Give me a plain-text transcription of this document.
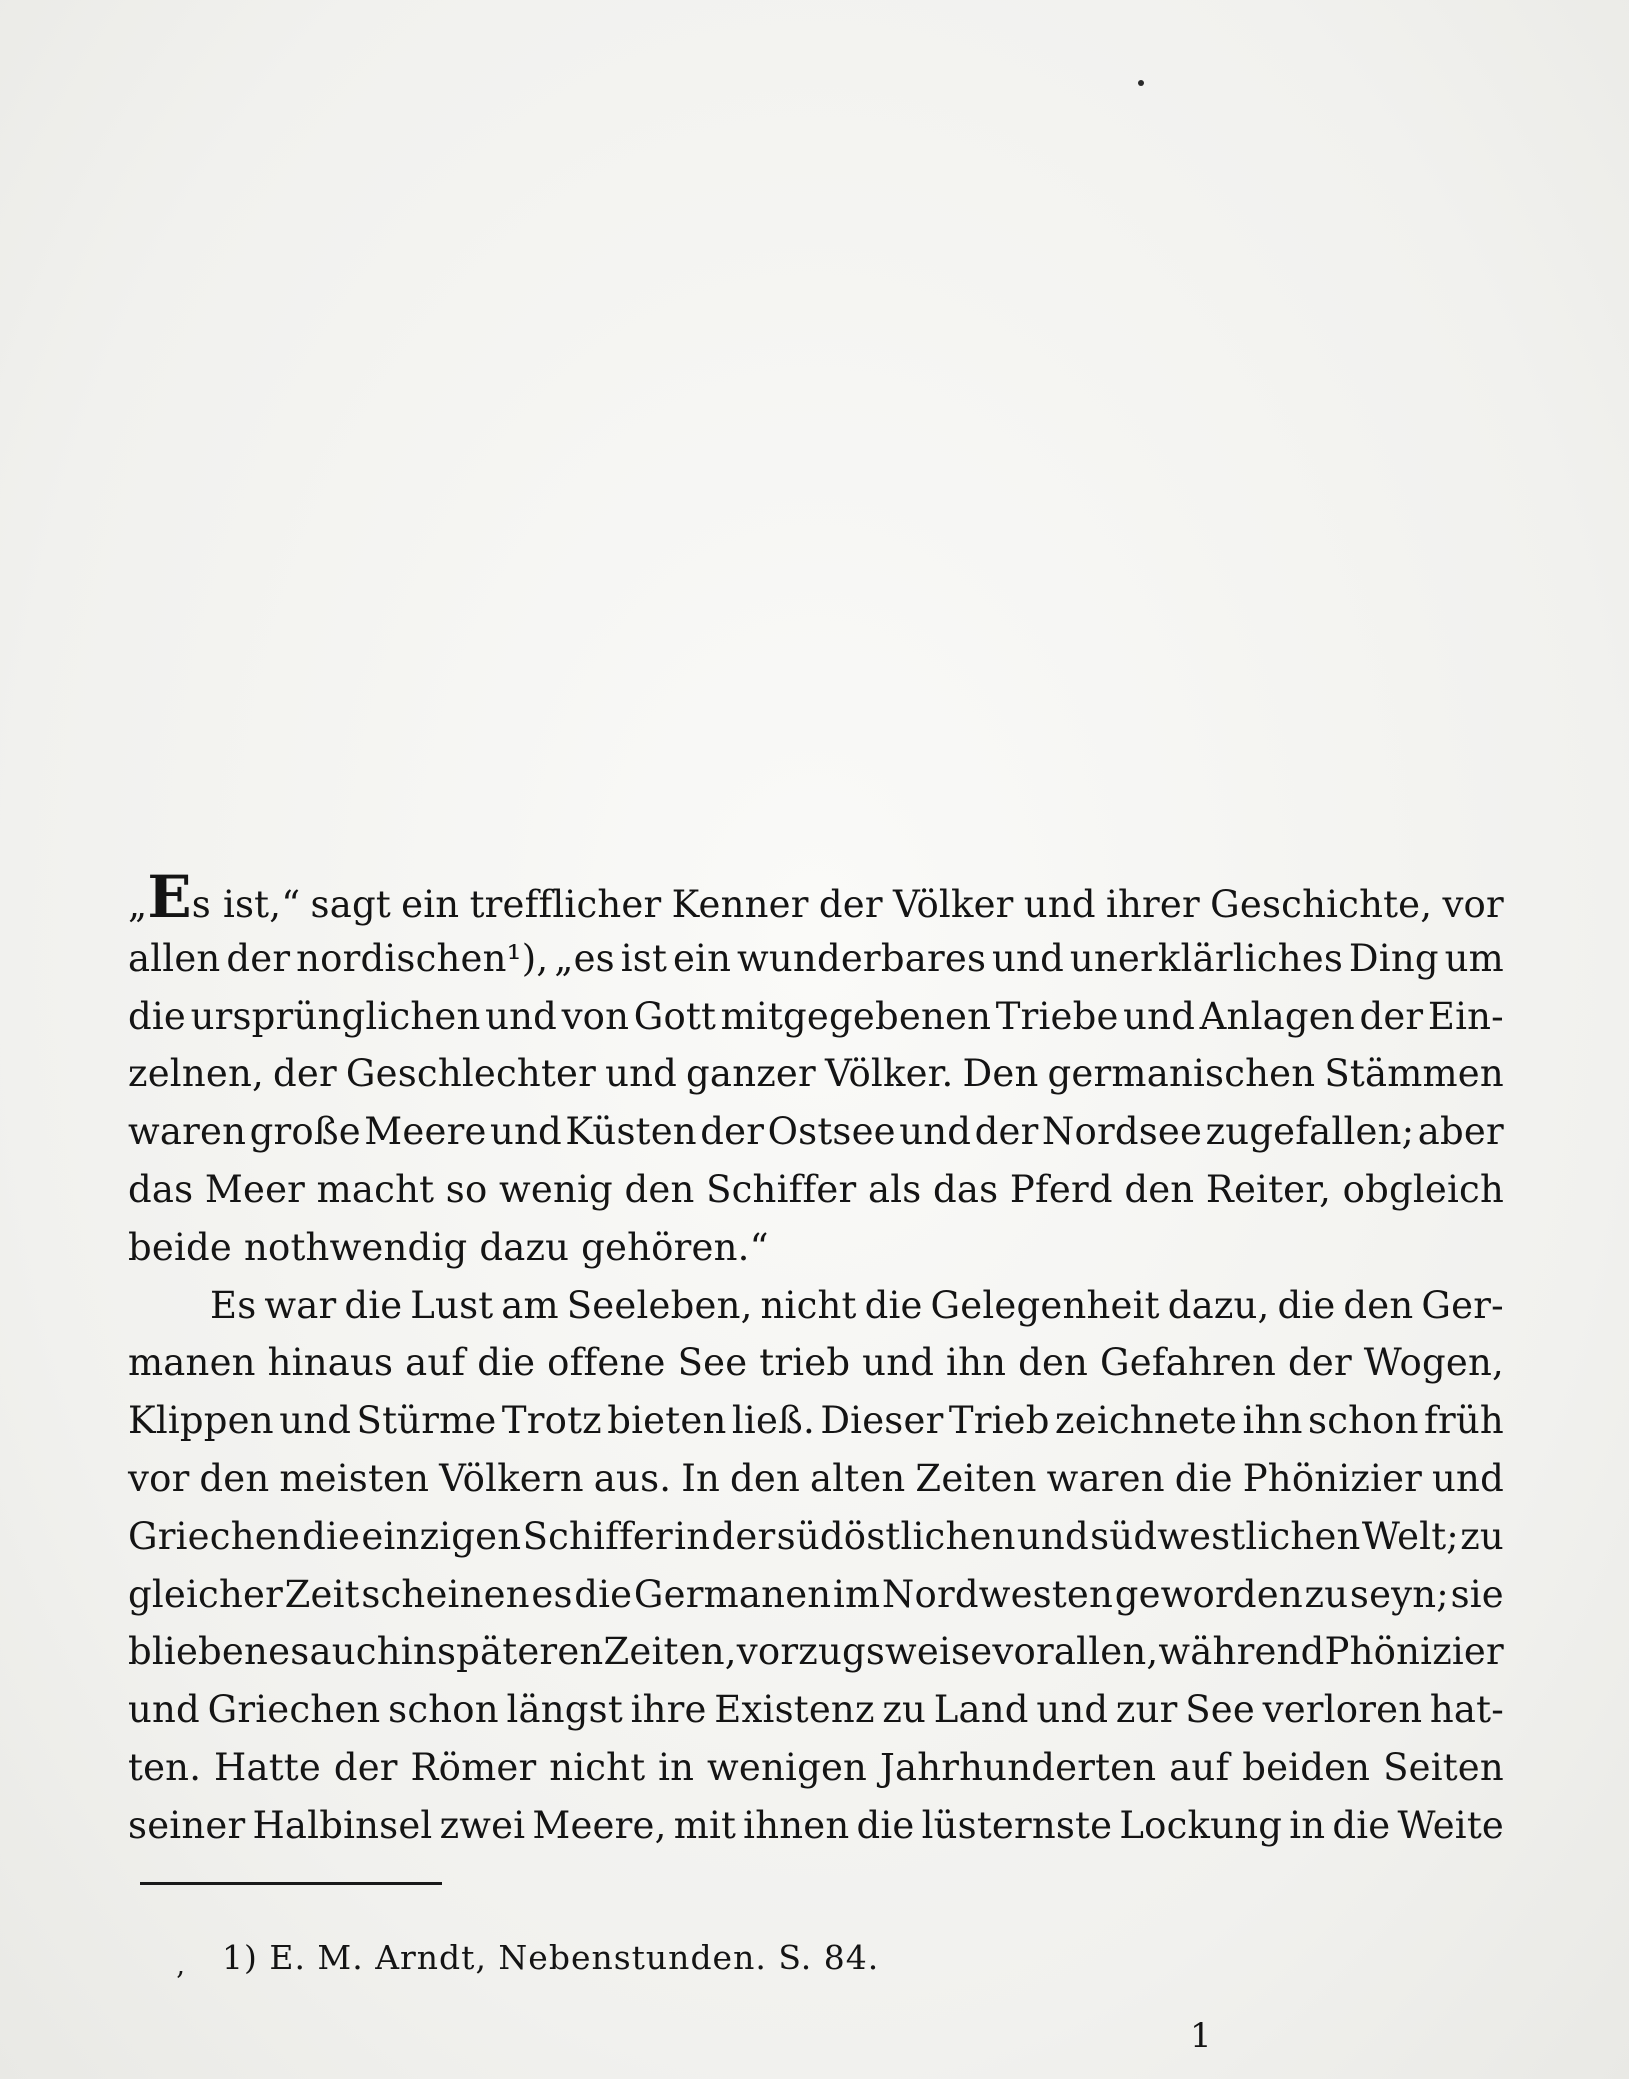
„Es ist,“ sagt ein trefflicher Kenner der Völker und ihrer Geschichte, vor
allen der nordischen¹), „es ist ein wunderbares und unerklärliches Ding um
die ursprünglichen und von Gott mitgegebenen Triebe und Anlagen der Ein-
zelnen, der Geschlechter und ganzer Völker. Den germanischen Stämmen
waren große Meere und Küsten der Ostsee und der Nordsee zugefallen; aber
das Meer macht so wenig den Schiffer als das Pferd den Reiter, obgleich
beide nothwendig dazu gehören.“
Es war die Lust am Seeleben, nicht die Gelegenheit dazu, die den Ger-
manen hinaus auf die offene See trieb und ihn den Gefahren der Wogen,
Klippen und Stürme Trotz bieten ließ. Dieser Trieb zeichnete ihn schon früh
vor den meisten Völkern aus. In den alten Zeiten waren die Phönizier und
Griechen die einzigen Schiffer in der südöstlichen und südwestlichen Welt; zu
gleicher Zeit scheinen es die Germanen im Nordwesten geworden zu seyn; sie
blieben es auch in späteren Zeiten, vorzugsweise vor allen, während Phönizier
und Griechen schon längst ihre Existenz zu Land und zur See verloren hat-
ten. Hatte der Römer nicht in wenigen Jahrhunderten auf beiden Seiten
seiner Halbinsel zwei Meere, mit ihnen die lüsternste Lockung in die Weite
‚ 1) E. M. Arndt, Nebenstunden. S. 84.
1
